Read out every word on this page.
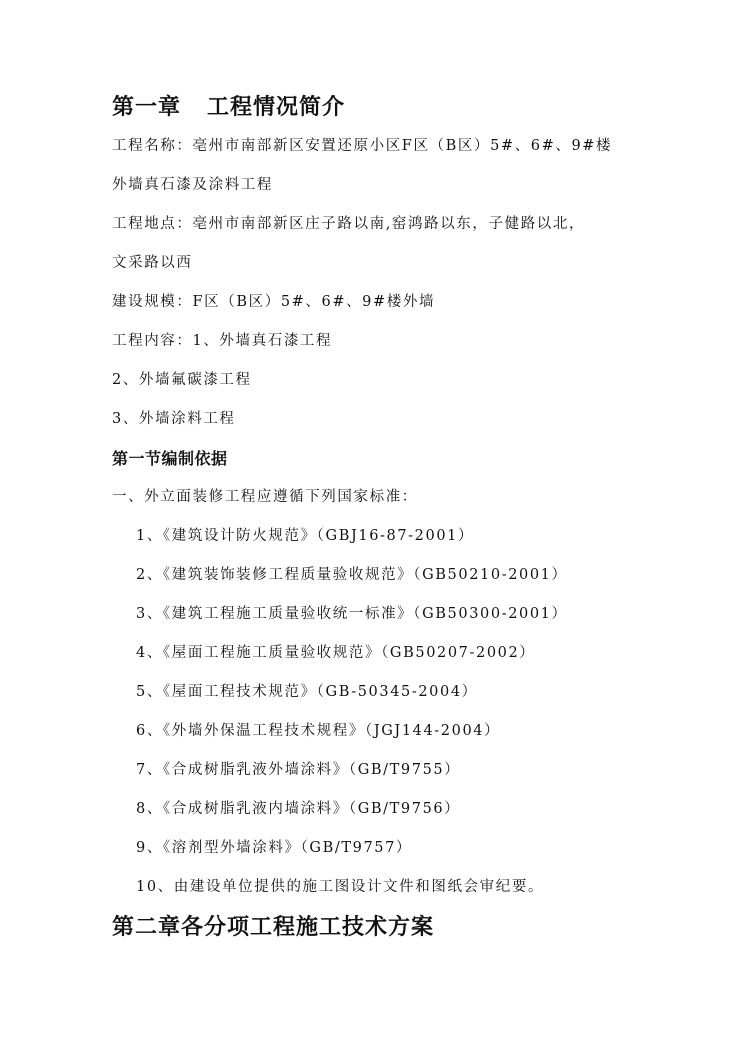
第一章 工程情况简介
工程名称：亳州市南部新区安置还原小区F区（B区）5#、6#、9#楼
外墙真石漆及涂料工程
工程地点：亳州市南部新区庄子路以南,窑鸿路以东，子健路以北，
文采路以西
建设规模：F区（B区）5#、6#、9#楼外墙
工程内容：1、外墙真石漆工程
2、外墙氟碳漆工程
3、外墙涂料工程
第一节编制依据
一、外立面装修工程应遵循下列国家标准：
1、《建筑设计防火规范》（GBJ16-87-2001）
2、《建筑装饰装修工程质量验收规范》（GB50210-2001）
3、《建筑工程施工质量验收统一标准》（GB50300-2001）
4、《屋面工程施工质量验收规范》（GB50207-2002）
5、《屋面工程技术规范》（GB-50345-2004）
6、《外墙外保温工程技术规程》（JGJ144-2004）
7、《合成树脂乳液外墙涂料》（GB/T9755）
8、《合成树脂乳液内墙涂料》（GB/T9756）
9、《溶剂型外墙涂料》（GB/T9757）
10、由建设单位提供的施工图设计文件和图纸会审纪要。
第二章各分项工程施工技术方案
